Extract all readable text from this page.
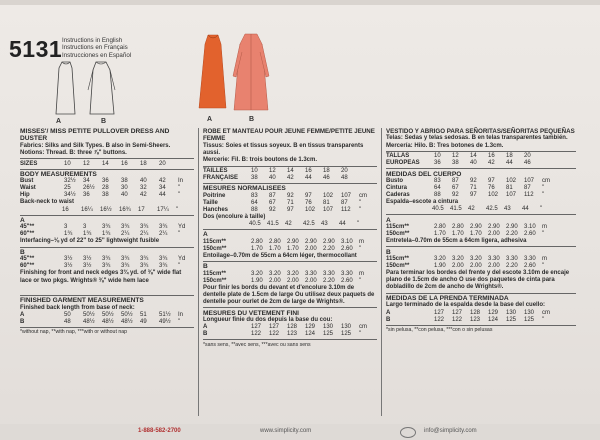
5131 Instructions in English
Instructions en Français
Instrucciones en Español
A	B	A	B
MISSES'/ MISS PETITE PULLOVER DRESS AND DUSTER
Fabrics: Silks and Silk Types. B also in Semi-Sheers.
Notions: Thread. B: three ⅞" buttons.
SIZES	10	12	14	16	18	20
BODY MEASUREMENTS
Bust	32½	34	36	38	40	42	In
Waist	25	26½	28	30	32	34	"
Hip	34½	36	38	40	42	44	"
Back-neck to waist
	16	16¼	16½	16¾	17	17¼	"
A
45"**	3	3	3¾	3¾	3¾	3¾	Yd
60"**	1¾	1¾	1¾	2¼	2¼	2¼	"
Interfacing–⅛ yd of 22" to 25" lightweight fusible
B
45"**	3½	3½	3¾	3¾	3¾	3¾	Yd
60"**	3½	3½	3¾	3¾	3¾	3¾	"
Finishing for front and neck edges 3¾ yd. of ⅜" wide flat lace or two pkgs. Wrights® ⅜" wide hem lace
FINISHED GARMENT MEASUREMENTS
Finished back length from base of neck:
A	50	50½	50½	50½	51	51½	In
B	48	48½	48½	48½	49	49½	"
*without nap, **with nap, ***with or without nap
ROBE ET MANTEAU POUR JEUNE FEMME/PETITE JEUNE FEMME
Tissus: Soies et tissus soyeux. B en tissus transparents aussi.
Mercerie: Fil. B: trois boutons de 1.3cm.
TAILLES	10	12	14	16	18	20
FRANÇAISE	38	40	42	44	46	48
MESURES NORMALISEES
Poitrine	83	87	92	97	102	107	cm
Taille	64	67	71	76	81	87	"
Hanches	88	92	97	102	107	112	"
Dos (encolure à taille)
	40.5	41.5	42	42.5	43	44	"
A
115cm**	2.80	2.80	2.90	2.90	2.90	3.10	m
150cm**	1.70	1.70	1.70	2.00	2.20	2.60	"
Entoilage–0.70m de 55cm a 64cm léger, thermocollant
B
115cm**	3.20	3.20	3.20	3.30	3.30	3.30	m
150cm**	1.90	2.00	2.00	2.00	2.20	2.60	"
Pour finir les bords du devant et d'encolure 3.10m de dentelle plate de 1.5cm de large Ou utilisez deux paquets de dentelle pour ourlet de 2cm de large de Wrights®.
MESURES DU VETEMENT FINI
Longueur finie du dos depuis la base du cou:
A	127	127	128	129	130	130	cm
B	122	122	123	124	125	125	"
*sans sens, **avec sens, ***avec ou sans sens
VESTIDO Y ABRIGO PARA SEÑORITAS/SEÑORITAS PEQUEÑAS
Telas: Sedas y telas sedosas. B en telas transparentes también.
Mercería: Hilo. B: Tres botones de 1.3cm.
TALLAS	10	12	14	16	18	20
EUROPEAS	36	38	40	42	44	46
MEDIDAS DEL CUERPO
Busto	83	87	92	97	102	107	cm
Cintura	64	67	71	76	81	87	"
Caderas	88	92	97	102	107	112	"
Espalda–escote a cintura
	40.5	41.5	42	42.5	43	44	"
A
115cm**	2.80	2.80	2.90	2.90	2.90	3.10	m
150cm**	1.70	1.70	1.70	2.00	2.20	2.60	"
Entretela–0.70m de 55cm a 64cm ligera, adhesiva
B
115cm**	3.20	3.20	3.20	3.30	3.30	3.30	m
150cm**	1.90	2.00	2.00	2.00	2.20	2.60	"
Para terminar los bordes del frente y del escote 3.10m de encaje plano de 1.5cm de ancho O use dos paquetes de cinta para dobladillo de 2cm de ancho de Wrights®.
MEDIDAS DE LA PRENDA TERMINADA
Largo terminado de la espalda desde la base del cuello:
A	127	127	128	129	130	130	cm
B	122	122	123	124	125	125	"
*sin pelusa, **con pelusa, ***con o sin pelusas
1-888-582-2700	www.simplicity.com	info@simplicity.com
